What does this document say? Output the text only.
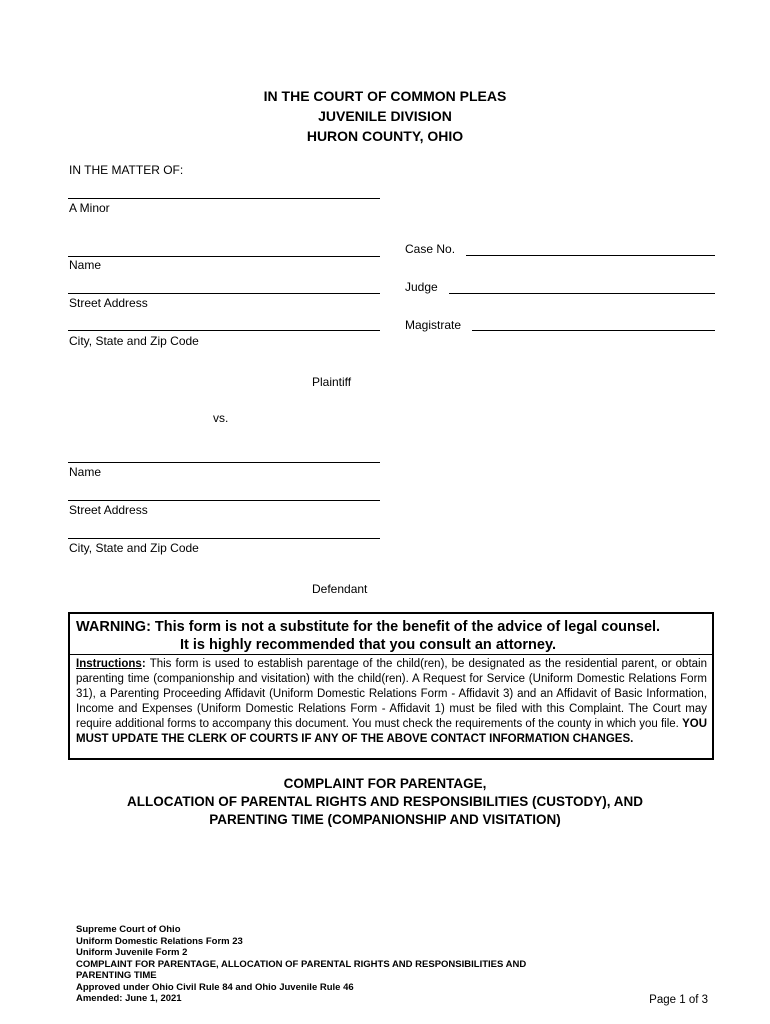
IN THE COURT OF COMMON PLEAS
JUVENILE DIVISION
HURON COUNTY, OHIO
IN THE MATTER OF:
A Minor
Name
Street Address
City, State and Zip Code
Plaintiff
Case No.
Judge
Magistrate
vs.
Name
Street Address
City, State and Zip Code
Defendant
WARNING: This form is not a substitute for the benefit of the advice of legal counsel.
It is highly recommended that you consult an attorney.
Instructions: This form is used to establish parentage of the child(ren), be designated as the residential parent, or obtain parenting time (companionship and visitation) with the child(ren). A Request for Service (Uniform Domestic Relations Form 31), a Parenting Proceeding Affidavit (Uniform Domestic Relations Form - Affidavit 3) and an Affidavit of Basic Information, Income and Expenses (Uniform Domestic Relations Form - Affidavit 1) must be filed with this Complaint. The Court may require additional forms to accompany this document. You must check the requirements of the county in which you file. YOU MUST UPDATE THE CLERK OF COURTS IF ANY OF THE ABOVE CONTACT INFORMATION CHANGES.
COMPLAINT FOR PARENTAGE,
ALLOCATION OF PARENTAL RIGHTS AND RESPONSIBILITIES (CUSTODY), AND
PARENTING TIME (COMPANIONSHIP AND VISITATION)
Supreme Court of Ohio
Uniform Domestic Relations Form 23
Uniform Juvenile Form 2
COMPLAINT FOR PARENTAGE, ALLOCATION OF PARENTAL RIGHTS AND RESPONSIBILITIES AND
PARENTING TIME
Approved under Ohio Civil Rule 84 and Ohio Juvenile Rule 46
Amended: June 1, 2021	Page 1 of 3
